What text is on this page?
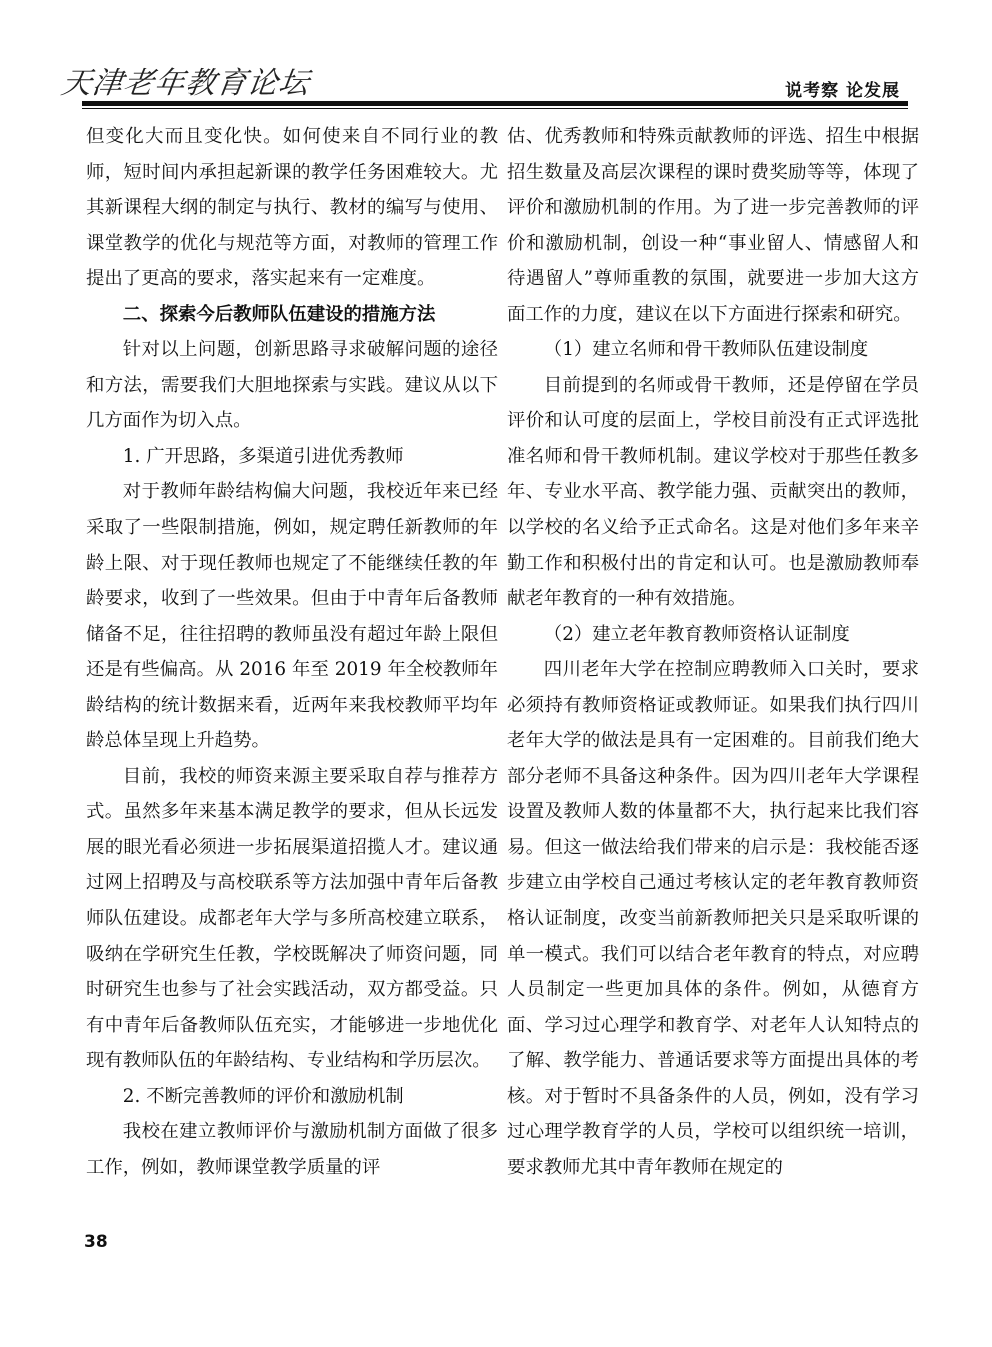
天津老年教育论坛	说考察 论发展

但变化大而且变化快。如何使来自不同行业的教师，短时间内承担起新课的教学任务困难较大。尤其新课程大纲的制定与执行、教材的编写与使用、课堂教学的优化与规范等方面，对教师的管理工作提出了更高的要求，落实起来有一定难度。

二、探索今后教师队伍建设的措施方法

针对以上问题，创新思路寻求破解问题的途径和方法，需要我们大胆地探索与实践。建议从以下几方面作为切入点。

1. 广开思路，多渠道引进优秀教师

对于教师年龄结构偏大问题，我校近年来已经采取了一些限制措施，例如，规定聘任新教师的年龄上限、对于现任教师也规定了不能继续任教的年龄要求，收到了一些效果。但由于中青年后备教师储备不足，往往招聘的教师虽没有超过年龄上限但还是有些偏高。从 2016 年至 2019 年全校教师年龄结构的统计数据来看，近两年来我校教师平均年龄总体呈现上升趋势。

目前，我校的师资来源主要采取自荐与推荐方式。虽然多年来基本满足教学的要求，但从长远发展的眼光看必须进一步拓展渠道招揽人才。建议通过网上招聘及与高校联系等方法加强中青年后备教师队伍建设。成都老年大学与多所高校建立联系，吸纳在学研究生任教，学校既解决了师资问题，同时研究生也参与了社会实践活动，双方都受益。只有中青年后备教师队伍充实，才能够进一步地优化现有教师队伍的年龄结构、专业结构和学历层次。

2. 不断完善教师的评价和激励机制

我校在建立教师评价与激励机制方面做了很多工作，例如，教师课堂教学质量的评

估、优秀教师和特殊贡献教师的评选、招生中根据招生数量及高层次课程的课时费奖励等等，体现了评价和激励机制的作用。为了进一步完善教师的评价和激励机制，创设一种“事业留人、情感留人和待遇留人”尊师重教的氛围，就要进一步加大这方面工作的力度，建议在以下方面进行探索和研究。

（1）建立名师和骨干教师队伍建设制度

目前提到的名师或骨干教师，还是停留在学员评价和认可度的层面上，学校目前没有正式评选批准名师和骨干教师机制。建议学校对于那些任教多年、专业水平高、教学能力强、贡献突出的教师，以学校的名义给予正式命名。这是对他们多年来辛勤工作和积极付出的肯定和认可。也是激励教师奉献老年教育的一种有效措施。

（2）建立老年教育教师资格认证制度

四川老年大学在控制应聘教师入口关时，要求必须持有教师资格证或教师证。如果我们执行四川老年大学的做法是具有一定困难的。目前我们绝大部分老师不具备这种条件。因为四川老年大学课程设置及教师人数的体量都不大，执行起来比我们容易。但这一做法给我们带来的启示是：我校能否逐步建立由学校自己通过考核认定的老年教育教师资格认证制度，改变当前新教师把关只是采取听课的单一模式。我们可以结合老年教育的特点，对应聘人员制定一些更加具体的条件。例如，从德育方面、学习过心理学和教育学、对老年人认知特点的了解、教学能力、普通话要求等方面提出具体的考核。对于暂时不具备条件的人员，例如，没有学习过心理学教育学的人员，学校可以组织统一培训，要求教师尤其中青年教师在规定的

38
